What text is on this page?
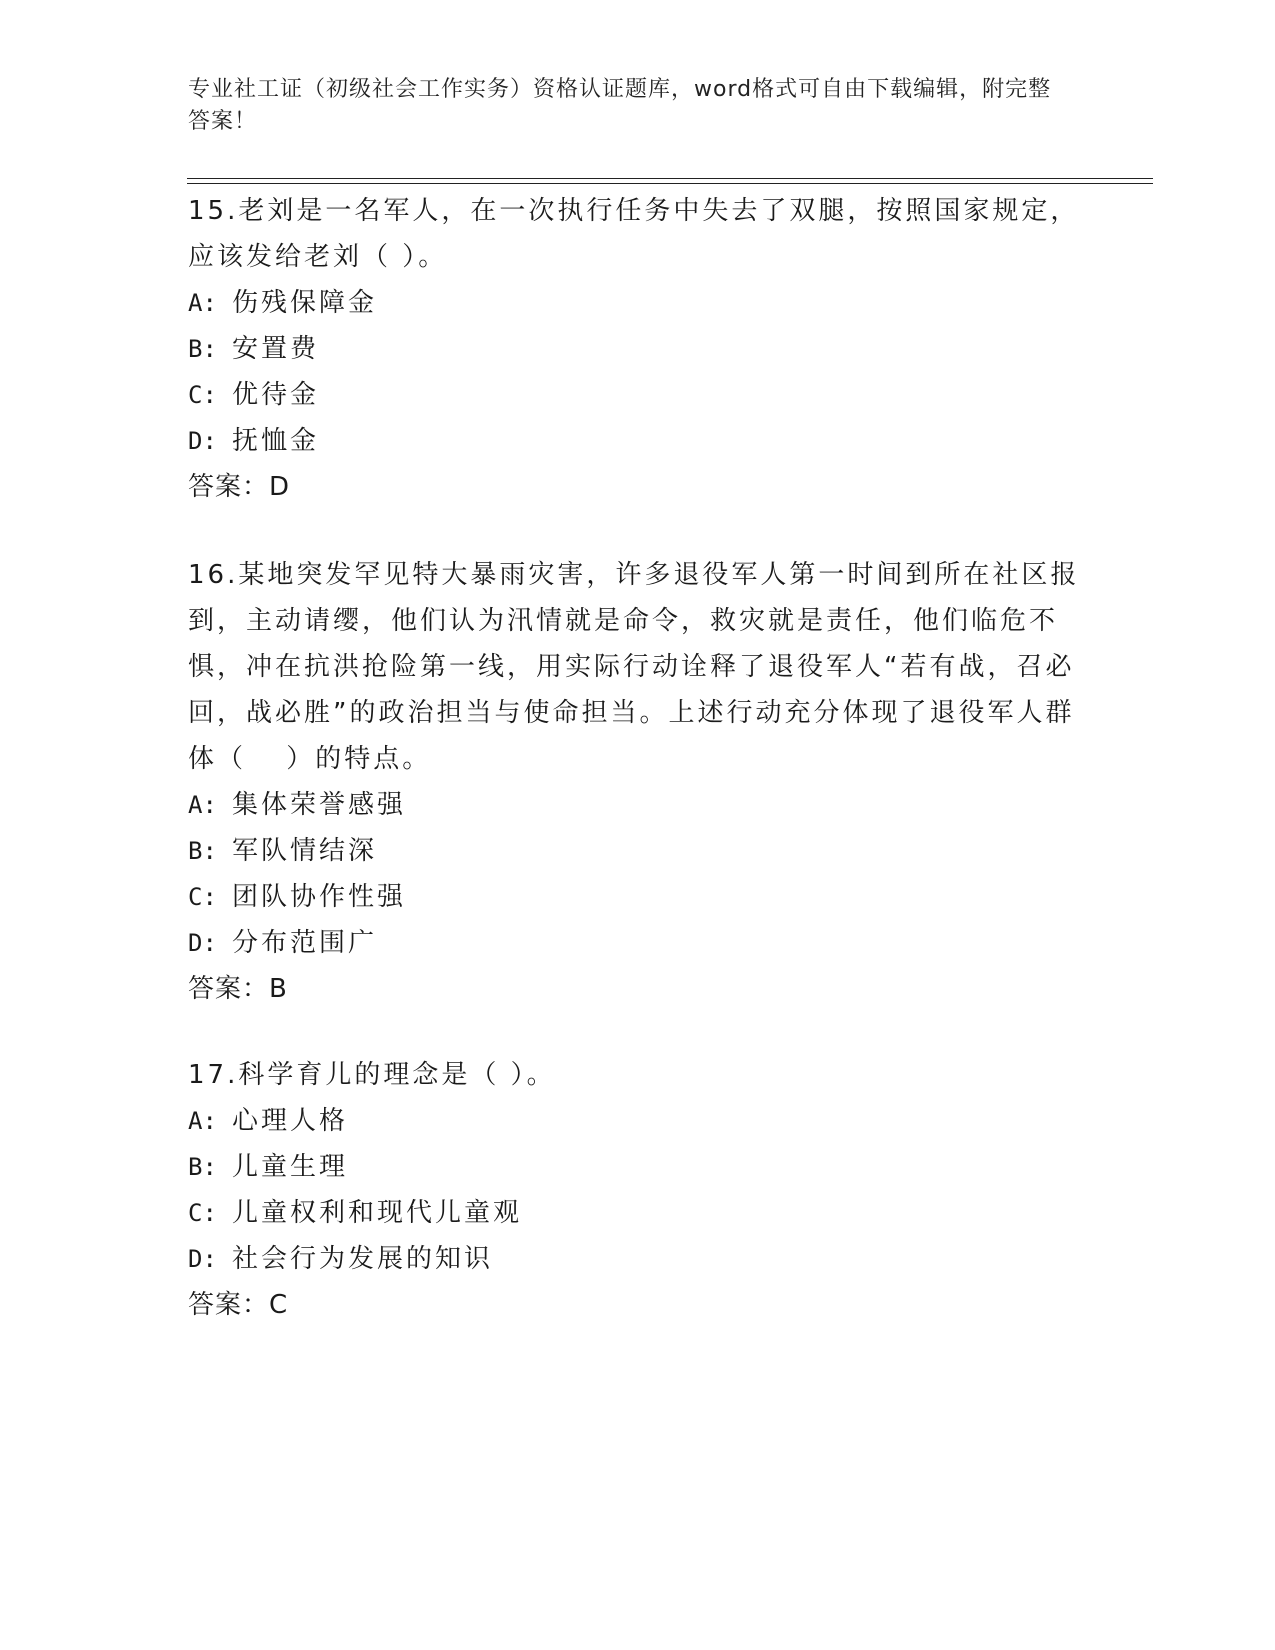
专业社工证（初级社会工作实务）资格认证题库，word格式可自由下载编辑，附完整答案！
15.老刘是一名军人，在一次执行任务中失去了双腿，按照国家规定，应该发给老刘（ ）。
A: 伤残保障金
B: 安置费
C: 优待金
D: 抚恤金
答案：D
16.某地突发罕见特大暴雨灾害，许多退役军人第一时间到所在社区报到，主动请缨，他们认为汛情就是命令，救灾就是责任，他们临危不惧，冲在抗洪抢险第一线，用实际行动诠释了退役军人“若有战，召必回，战必胜”的政治担当与使命担当。上述行动充分体现了退役军人群体（　 ）的特点。
A: 集体荣誉感强
B: 军队情结深
C: 团队协作性强
D: 分布范围广
答案：B
17.科学育儿的理念是（ ）。
A: 心理人格
B: 儿童生理
C: 儿童权利和现代儿童观
D: 社会行为发展的知识
答案：C
